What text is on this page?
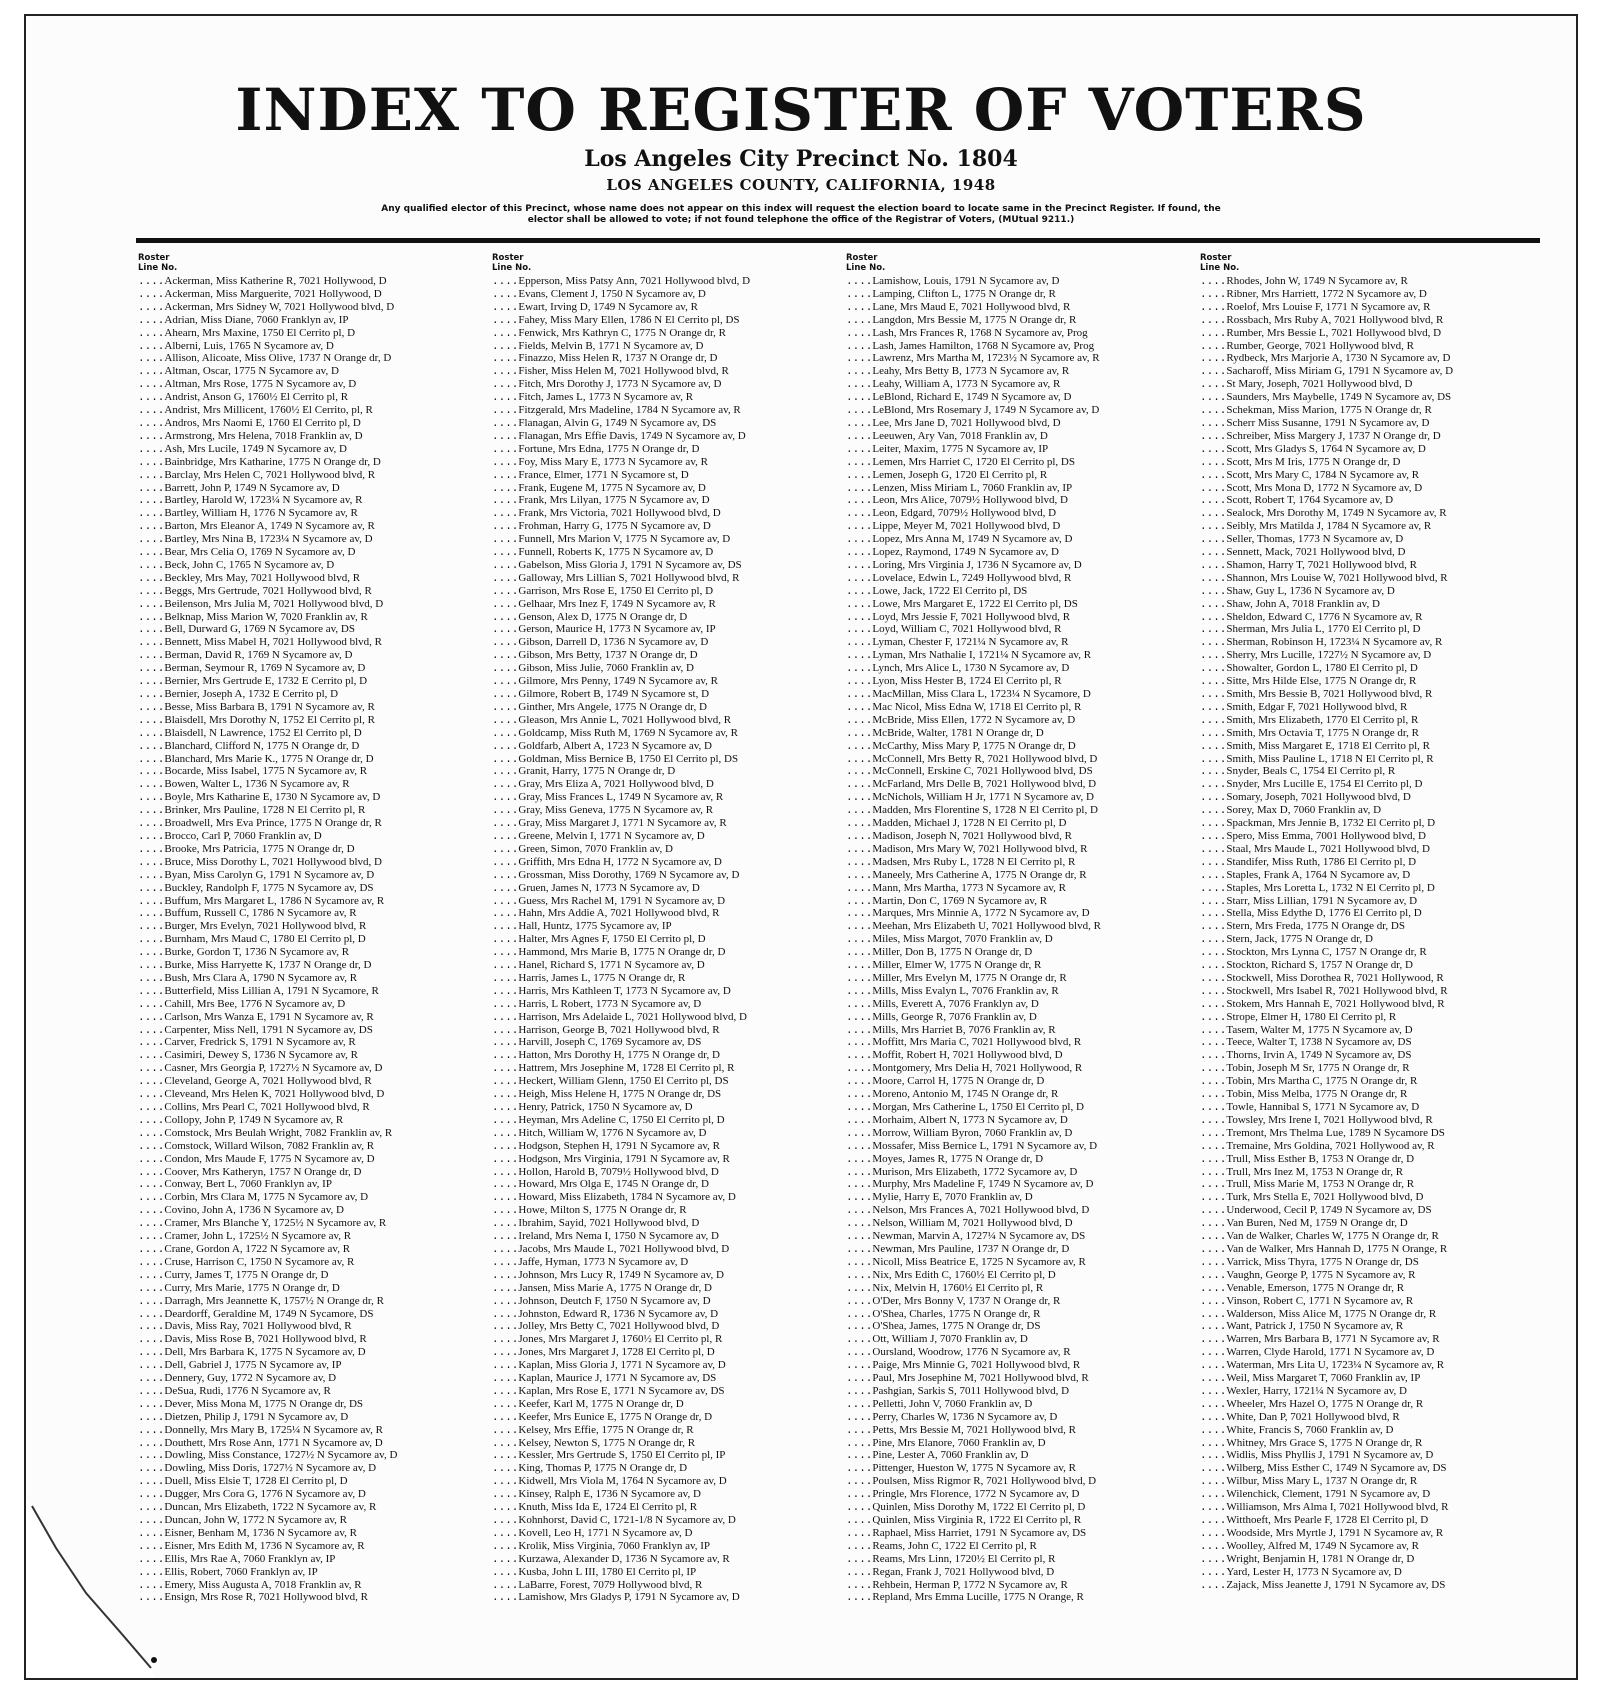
INDEX TO REGISTER OF VOTERS
Los Angeles City Precinct No. 1804
LOS ANGELES COUNTY, CALIFORNIA, 1948
Any qualified elector of this Precinct, whose name does not appear on this index will request the election board to locate same in the Precinct Register. If found, the elector shall be allowed to vote; if not found telephone the office of the Registrar of Voters, (MUtual 9211.)
Roster
Line No.
....Ackerman, Miss Katherine R, 7021 Hollywood, D
....Ackerman, Miss Marguerite, 7021 Hollywood, D
....Ackerman, Mrs Sidney W, 7021 Hollywood blvd, D
....Adrian, Miss Diane, 7060 Franklyn av, IP
....Ahearn, Mrs Maxine, 1750 El Cerrito pl, D
....Alberni, Luis, 1765 N Sycamore av, D
....Allison, Alicoate, Miss Olive, 1737 N Orange dr, D
....Altman, Oscar, 1775 N Sycamore av, D
....Altman, Mrs Rose, 1775 N Sycamore av, D
....Andrist, Anson G, 1760½ El Cerrito pl, R
....Andrist, Mrs Millicent, 1760½ El Cerrito, pl, R
....Andros, Mrs Naomi E, 1760 El Cerrito pl, D
....Armstrong, Mrs Helena, 7018 Franklin av, D
....Ash, Mrs Lucile, 1749 N Sycamore av, D
....Bainbridge, Mrs Katharine, 1775 N Orange dr, D
....Barclay, Mrs Helen C, 7021 Hollywood blvd, R
....Barrett, John P, 1749 N Sycamore av, D
....Bartley, Harold W, 1723¼ N Sycamore av, R
....Bartley, William H, 1776 N Sycamore av, R
....Barton, Mrs Eleanor A, 1749 N Sycamore av, R
....Bartley, Mrs Nina B, 1723¼ N Sycamore av, D
....Bear, Mrs Celia O, 1769 N Sycamore av, D
....Beck, John C, 1765 N Sycamore av, D
....Beckley, Mrs May, 7021 Hollywood blvd, R
....Beggs, Mrs Gertrude, 7021 Hollywood blvd, R
....Beilenson, Mrs Julia M, 7021 Hollywood blvd, D
....Belknap, Miss Marion W, 7020 Franklin av, R
....Bell, Durward G, 1769 N Sycamore av, DS
....Bennett, Miss Mabel H, 7021 Hollywood blvd, R
....Berman, David R, 1769 N Sycamore av, D
....Berman, Seymour R, 1769 N Sycamore av, D
....Bernier, Mrs Gertrude E, 1732 E Cerrito pl, D
....Bernier, Joseph A, 1732 E Cerrito pl, D
....Besse, Miss Barbara B, 1791 N Sycamore av, R
....Blaisdell, Mrs Dorothy N, 1752 El Cerrito pl, R
....Blaisdell, N Lawrence, 1752 El Cerrito pl, D
....Blanchard, Clifford N, 1775 N Orange dr, D
....Blanchard, Mrs Marie K., 1775 N Orange dr, D
....Bocarde, Miss Isabel, 1775 N Sycamore av, R
....Bowen, Walter L, 1736 N Sycamore av, R
....Boyle, Mrs Katharine E, 1730 N Sycamore av, D
....Brinker, Mrs Pauline, 1728 N El Cerrito pl, R
....Broadwell, Mrs Eva Prince, 1775 N Orange dr, R
....Brocco, Carl P, 7060 Franklin av, D
....Brooke, Mrs Patricia, 1775 N Orange dr, D
....Bruce, Miss Dorothy L, 7021 Hollywood blvd, D
....Byan, Miss Carolyn G, 1791 N Sycamore av, D
....Buckley, Randolph F, 1775 N Sycamore av, DS
....Buffum, Mrs Margaret L, 1786 N Sycamore av, R
....Buffum, Russell C, 1786 N Sycamore av, R
....Burger, Mrs Evelyn, 7021 Hollywood blvd, R
....Burnham, Mrs Maud C, 1780 El Cerrito pl, D
....Burke, Gordon T, 1736 N Sycamore av, R
....Burke, Miss Harryette K, 1737 N Orange dr, D
....Bush, Mrs Clara A, 1790 N Sycamore av, R
....Butterfield, Miss Lillian A, 1791 N Sycamore, R
....Cahill, Mrs Bee, 1776 N Sycamore av, D
....Carlson, Mrs Wanza E, 1791 N Sycamore av, R
....Carpenter, Miss Nell, 1791 N Sycamore av, DS
....Carver, Fredrick S, 1791 N Sycamore av, R
....Casimiri, Dewey S, 1736 N Sycamore av, R
....Casner, Mrs Georgia P, 1727½ N Sycamore av, D
....Cleveland, George A, 7021 Hollywood blvd, R
....Cleveand, Mrs Helen K, 7021 Hollywood blvd, D
....Collins, Mrs Pearl C, 7021 Hollywood blvd, R
....Collopy, John P, 1749 N Sycamore av, R
....Comstock, Mrs Beulah Wright, 7082 Franklin av, R
....Comstock, Willard Wilson, 7082 Franklin av, R
....Condon, Mrs Maude F, 1775 N Sycamore av, D
....Coover, Mrs Katheryn, 1757 N Orange dr, D
....Conway, Bert L, 7060 Franklyn av, IP
....Corbin, Mrs Clara M, 1775 N Sycamore av, D
....Covino, John A, 1736 N Sycamore av, D
....Cramer, Mrs Blanche Y, 1725½ N Sycamore av, R
....Cramer, John L, 1725½ N Sycamore av, R
....Crane, Gordon A, 1722 N Sycamore av, R
....Cruse, Harrison C, 1750 N Sycamore av, R
....Curry, James T, 1775 N Orange dr, D
....Curry, Mrs Marie, 1775 N Orange dr, D
....Darragh, Mrs Jeannette K, 1757½ N Orange dr, R
....Deardorff, Geraldine M, 1749 N Sycamore, DS
....Davis, Miss Ray, 7021 Hollywood blvd, R
....Davis, Miss Rose B, 7021 Hollywood blvd, R
....Dell, Mrs Barbara K, 1775 N Sycamore av, D
....Dell, Gabriel J, 1775 N Sycamore av, IP
....Dennery, Guy, 1772 N Sycamore av, D
....DeSua, Rudi, 1776 N Sycamore av, R
....Dever, Miss Mona M, 1775 N Orange dr, DS
....Dietzen, Philip J, 1791 N Sycamore av, D
....Donnelly, Mrs Mary B, 1725¼ N Sycamore av, R
....Douthett, Mrs Rose Ann, 1771 N Sycamore av, D
....Dowling, Miss Constance, 1727½ N Sycamore av, D
....Dowling, Miss Doris, 1727½ N Sycamore av, D
....Duell, Miss Elsie T, 1728 El Cerrito pl, D
....Dugger, Mrs Cora G, 1776 N Sycamore av, D
....Duncan, Mrs Elizabeth, 1722 N Sycamore av, R
....Duncan, John W, 1772 N Sycamore av, R
....Eisner, Benham M, 1736 N Sycamore av, R
....Eisner, Mrs Edith M, 1736 N Sycamore av, R
....Ellis, Mrs Rae A, 7060 Franklyn av, IP
....Ellis, Robert, 7060 Franklyn av, IP
....Emery, Miss Augusta A, 7018 Franklin av, R
....Ensign, Mrs Rose R, 7021 Hollywood blvd, R
Roster
Line No.
....Epperson, Miss Patsy Ann, 7021 Hollywood blvd, D
....Evans, Clement J, 1750 N Sycamore av, D
....Ewart, Irving D, 1749 N Sycamore av, R
....Fahey, Miss Mary Ellen, 1786 N El Cerrito pl, DS
....Fenwick, Mrs Kathryn C, 1775 N Orange dr, R
....Fields, Melvin B, 1771 N Sycamore av, D
....Finazzo, Miss Helen R, 1737 N Orange dr, D
....Fisher, Miss Helen M, 7021 Hollywood blvd, R
....Fitch, Mrs Dorothy J, 1773 N Sycamore av, D
....Fitch, James L, 1773 N Sycamore av, R
....Fitzgerald, Mrs Madeline, 1784 N Sycamore av, R
....Flanagan, Alvin G, 1749 N Sycamore av, DS
....Flanagan, Mrs Effie Davis, 1749 N Sycamore av, D
....Fortune, Mrs Edna, 1775 N Orange dr, D
....Foy, Miss Mary E, 1773 N Sycamore av, R
....France, Elmer, 1771 N Sycamore st, D
....Frank, Eugene M, 1775 N Sycamore av, D
....Frank, Mrs Lilyan, 1775 N Sycamore av, D
....Frank, Mrs Victoria, 7021 Hollywood blvd, D
....Frohman, Harry G, 1775 N Sycamore av, D
....Funnell, Mrs Marion V, 1775 N Sycamore av, D
....Funnell, Roberts K, 1775 N Sycamore av, D
....Gabelson, Miss Gloria J, 1791 N Sycamore av, DS
....Galloway, Mrs Lillian S, 7021 Hollywood blvd, R
....Garrison, Mrs Rose E, 1750 El Cerrito pl, D
....Gelhaar, Mrs Inez F, 1749 N Sycamore av, R
....Genson, Alex D, 1775 N Orange dr, D
....Gerson, Maurice H, 1773 N Sycamore av, IP
....Gibson, Darrell D, 1736 N Sycamore av, D
....Gibson, Mrs Betty, 1737 N Orange dr, D
....Gibson, Miss Julie, 7060 Franklin av, D
....Gilmore, Mrs Penny, 1749 N Sycamore av, R
....Gilmore, Robert B, 1749 N Sycamore st, D
....Ginther, Mrs Angele, 1775 N Orange dr, D
....Gleason, Mrs Annie L, 7021 Hollywood blvd, R
....Goldcamp, Miss Ruth M, 1769 N Sycamore av, R
....Goldfarb, Albert A, 1723 N Sycamore av, D
....Goldman, Miss Bernice B, 1750 El Cerrito pl, DS
....Granit, Harry, 1775 N Orange dr, D
....Gray, Mrs Eliza A, 7021 Hollywood blvd, D
....Gray, Miss Frances L, 1749 N Sycamore av, R
....Gray, Miss Geneva, 1775 N Sycamore av, R
....Gray, Miss Margaret J, 1771 N Sycamore av, R
....Greene, Melvin I, 1771 N Sycamore av, D
....Green, Simon, 7070 Franklin av, D
....Griffith, Mrs Edna H, 1772 N Sycamore av, D
....Grossman, Miss Dorothy, 1769 N Sycamore av, D
....Gruen, James N, 1773 N Sycamore av, D
....Guess, Mrs Rachel M, 1791 N Sycamore av, D
....Hahn, Mrs Addie A, 7021 Hollywood blvd, R
....Hall, Huntz, 1775 Sycamore av, IP
....Halter, Mrs Agnes F, 1750 El Cerrito pl, D
....Hammond, Mrs Marie B, 1775 N Orange dr, D
....Hanel, Richard S, 1771 N Sycamore av, D
....Harris, James L, 1775 N Orange dr, R
....Harris, Mrs Kathleen T, 1773 N Sycamore av, D
....Harris, L Robert, 1773 N Sycamore av, D
....Harrison, Mrs Adelaide L, 7021 Hollywood blvd, D
....Harrison, George B, 7021 Hollywood blvd, R
....Harvill, Joseph C, 1769 Sycamore av, DS
....Hatton, Mrs Dorothy H, 1775 N Orange dr, D
....Hattrem, Mrs Josephine M, 1728 El Cerrito pl, R
....Heckert, William Glenn, 1750 El Cerrito pl, DS
....Heigh, Miss Helene H, 1775 N Orange dr, DS
....Henry, Patrick, 1750 N Sycamore av, D
....Heyman, Mrs Adeline C, 1750 El Cerrito pl, D
....Hitch, William W, 1776 N Sycamore av, D
....Hodgson, Stephen H, 1791 N Sycamore av, R
....Hodgson, Mrs Virginia, 1791 N Sycamore av, R
....Hollon, Harold B, 7079½ Hollywood blvd, D
....Howard, Mrs Olga E, 1745 N Orange dr, D
....Howard, Miss Elizabeth, 1784 N Sycamore av, D
....Howe, Milton S, 1775 N Orange dr, R
....Ibrahim, Sayid, 7021 Hollywood blvd, D
....Ireland, Mrs Nema I, 1750 N Sycamore av, D
....Jacobs, Mrs Maude L, 7021 Hollywood blvd, D
....Jaffe, Hyman, 1773 N Sycamore av, D
....Johnson, Mrs Lucy R, 1749 N Sycamore av, D
....Jansen, Miss Marie A, 1775 N Orange dr, D
....Johnson, Deutch F, 1750 N Sycamore av, D
....Johnston, Edward R, 1736 N Sycamore av, D
....Jolley, Mrs Betty C, 7021 Hollywood blvd, D
....Jones, Mrs Margaret J, 1760½ El Cerrito pl, R
....Jones, Mrs Margaret J, 1728 El Cerrito pl, D
....Kaplan, Miss Gloria J, 1771 N Sycamore av, D
....Kaplan, Maurice J, 1771 N Sycamore av, DS
....Kaplan, Mrs Rose E, 1771 N Sycamore av, DS
....Keefer, Karl M, 1775 N Orange dr, D
....Keefer, Mrs Eunice E, 1775 N Orange dr, D
....Kelsey, Mrs Effie, 1775 N Orange dr, R
....Kelsey, Newton S, 1775 N Orange dr, R
....Kessler, Mrs Gertrude S, 1750 El Cerrito pl, IP
....King, Thomas P, 1775 N Orange dr, D
....Kidwell, Mrs Viola M, 1764 N Sycamore av, D
....Kinsey, Ralph E, 1736 N Sycamore av, D
....Knuth, Miss Ida E, 1724 El Cerrito pl, R
....Kohnhorst, David C, 1721-1/8 N Sycamore av, D
....Kovell, Leo H, 1771 N Sycamore av, D
....Krolik, Miss Virginia, 7060 Franklyn av, IP
....Kurzawa, Alexander D, 1736 N Sycamore av, R
....Kusba, John L III, 1780 El Cerrito pl, IP
....LaBarre, Forest, 7079 Hollywood blvd, R
....Lamishow, Mrs Gladys P, 1791 N Sycamore av, D
Roster
Line No.
....Lamishow, Louis, 1791 N Sycamore av, D
....Lamping, Clifton L, 1775 N Orange dr, R
....Lane, Mrs Maud E, 7021 Hollywood blvd, R
....Langdon, Mrs Bessie M, 1775 N Orange dr, R
....Lash, Mrs Frances R, 1768 N Sycamore av, Prog
....Lash, James Hamilton, 1768 N Sycamore av, Prog
....Lawrenz, Mrs Martha M, 1723½ N Sycamore av, R
....Leahy, Mrs Betty B, 1773 N Sycamore av, R
....Leahy, William A, 1773 N Sycamore av, R
....LeBlond, Richard E, 1749 N Sycamore av, D
....LeBlond, Mrs Rosemary J, 1749 N Sycamore av, D
....Lee, Mrs Jane D, 7021 Hollywood blvd, D
....Leeuwen, Ary Van, 7018 Franklin av, D
....Leiter, Maxim, 1775 N Sycamore av, IP
....Lemen, Mrs Harriet C, 1720 El Cerrito pl, DS
....Lemen, Joseph G, 1720 El Cerrito pl, R
....Lenzen, Miss Miriam L, 7060 Franklin av, IP
....Leon, Mrs Alice, 7079½ Hollywood blvd, D
....Leon, Edgard, 7079½ Hollywood blvd, D
....Lippe, Meyer M, 7021 Hollywood blvd, D
....Lopez, Mrs Anna M, 1749 N Sycamore av, D
....Lopez, Raymond, 1749 N Sycamore av, D
....Loring, Mrs Virginia J, 1736 N Sycamore av, D
....Lovelace, Edwin L, 7249 Hollywood blvd, R
....Lowe, Jack, 1722 El Cerrito pl, DS
....Lowe, Mrs Margaret E, 1722 El Cerrito pl, DS
....Loyd, Mrs Jessie F, 7021 Hollywood blvd, R
....Loyd, William C, 7021 Hollywood blvd, R
....Lyman, Chester F, 1721¼ N Sycamore av, R
....Lyman, Mrs Nathalie I, 1721¼ N Sycamore av, R
....Lynch, Mrs Alice L, 1730 N Sycamore av, D
....Lyon, Miss Hester B, 1724 El Cerrito pl, R
....MacMillan, Miss Clara L, 1723¼ N Sycamore, D
....Mac Nicol, Miss Edna W, 1718 El Cerrito pl, R
....McBride, Miss Ellen, 1772 N Sycamore av, D
....McBride, Walter, 1781 N Orange dr, D
....McCarthy, Miss Mary P, 1775 N Orange dr, D
....McConnell, Mrs Betty R, 7021 Hollywood blvd, D
....McConnell, Erskine C, 7021 Hollywood blvd, DS
....McFarland, Mrs Delle B, 7021 Hollywood blvd, D
....McNichols, William H Jr, 1771 N Sycamore av, D
....Madden, Mrs Florentine S, 1728 N El Cerrito pl, D
....Madden, Michael J, 1728 N El Cerrito pl, D
....Madison, Joseph N, 7021 Hollywood blvd, R
....Madison, Mrs Mary W, 7021 Hollywood blvd, R
....Madsen, Mrs Ruby L, 1728 N El Cerrito pl, R
....Maneely, Mrs Catherine A, 1775 N Orange dr, R
....Mann, Mrs Martha, 1773 N Sycamore av, R
....Martin, Don C, 1769 N Sycamore av, R
....Marques, Mrs Minnie A, 1772 N Sycamore av, D
....Meehan, Mrs Elizabeth U, 7021 Hollywood blvd, R
....Miles, Miss Margot, 7070 Franklin av, D
....Miller, Don B, 1775 N Orange dr, D
....Miller, Elmer W, 1775 N Orange dr, R
....Miller, Mrs Evelyn M, 1775 N Orange dr, R
....Mills, Miss Evalyn L, 7076 Franklin av, R
....Mills, Everett A, 7076 Franklyn av, D
....Mills, George R, 7076 Franklin av, D
....Mills, Mrs Harriet B, 7076 Franklin av, R
....Moffitt, Mrs Maria C, 7021 Hollywood blvd, R
....Moffit, Robert H, 7021 Hollywood blvd, D
....Montgomery, Mrs Delia H, 7021 Hollywood, R
....Moore, Carrol H, 1775 N Orange dr, D
....Moreno, Antonio M, 1745 N Orange dr, R
....Morgan, Mrs Catherine L, 1750 El Cerrito pl, D
....Morhaim, Albert N, 1773 N Sycamore av, D
....Morrow, William Byron, 7060 Franklin av, D
....Mossafer, Miss Bernice L, 1791 N Sycamore av, D
....Moyes, James R, 1775 N Orange dr, D
....Murison, Mrs Elizabeth, 1772 Sycamore av, D
....Murphy, Mrs Madeline F, 1749 N Sycamore av, D
....Mylie, Harry E, 7070 Franklin av, D
....Nelson, Mrs Frances A, 7021 Hollywood blvd, D
....Nelson, William M, 7021 Hollywood blvd, D
....Newman, Marvin A, 1727¼ N Sycamore av, DS
....Newman, Mrs Pauline, 1737 N Orange dr, D
....Nicoll, Miss Beatrice E, 1725 N Sycamore av, R
....Nix, Mrs Edith C, 1760½ El Cerrito pl, D
....Nix, Melvin H, 1760½ El Cerrito pl, R
....O'Der, Mrs Bonny V, 1737 N Orange dr, R
....O'Shea, Charles, 1775 N Orange dr, R
....O'Shea, James, 1775 N Orange dr, DS
....Ott, William J, 7070 Franklin av, D
....Oursland, Woodrow, 1776 N Sycamore av, R
....Paige, Mrs Minnie G, 7021 Hollywood blvd, R
....Paul, Mrs Josephine M, 7021 Hollywood blvd, R
....Pashgian, Sarkis S, 7011 Hollywood blvd, D
....Pelletti, John V, 7060 Franklin av, D
....Perry, Charles W, 1736 N Sycamore av, D
....Petts, Mrs Bessie M, 7021 Hollywood blvd, R
....Pine, Mrs Elanore, 7060 Franklin av, D
....Pine, Lester A, 7060 Franklin av, D
....Pittenger, Hueston W, 1775 N Sycamore av, R
....Poulsen, Miss Rigmor R, 7021 Hollywood blvd, D
....Pringle, Mrs Florence, 1772 N Sycamore av, D
....Quinlen, Miss Dorothy M, 1722 El Cerrito pl, D
....Quinlen, Miss Virginia R, 1722 El Cerrito pl, R
....Raphael, Miss Harriet, 1791 N Sycamore av, DS
....Reams, John C, 1722 El Cerrito pl, R
....Reams, Mrs Linn, 1720½ El Cerrito pl, R
....Regan, Frank J, 7021 Hollywood blvd, D
....Rehbein, Herman P, 1772 N Sycamore av, R
....Repland, Mrs Emma Lucille, 1775 N Orange, R
Roster
Line No.
....Rhodes, John W, 1749 N Sycamore av, R
....Ribner, Mrs Harriett, 1772 N Sycamore av, D
....Roelof, Mrs Louise F, 1771 N Sycamore av, R
....Rossbach, Mrs Ruby A, 7021 Hollywood blvd, R
....Rumber, Mrs Bessie L, 7021 Hollywood blvd, D
....Rumber, George, 7021 Hollywood blvd, R
....Rydbeck, Mrs Marjorie A, 1730 N Sycamore av, D
....Sacharoff, Miss Miriam G, 1791 N Sycamore av, D
....St Mary, Joseph, 7021 Hollywood blvd, D
....Saunders, Mrs Maybelle, 1749 N Sycamore av, DS
....Schekman, Miss Marion, 1775 N Orange dr, R
....Scherr Miss Susanne, 1791 N Sycamore av, D
....Schreiber, Miss Margery J, 1737 N Orange dr, D
....Scott, Mrs Gladys S, 1764 N Sycamore av, D
....Scott, Mrs M Iris, 1775 N Orange dr, D
....Scott, Mrs Mary C, 1784 N Sycamore av, R
....Scott, Mrs Mona D, 1772 N Sycamore av, D
....Scott, Robert T, 1764 Sycamore av, D
....Sealock, Mrs Dorothy M, 1749 N Sycamore av, R
....Seibly, Mrs Matilda J, 1784 N Sycamore av, R
....Seller, Thomas, 1773 N Sycamore av, D
....Sennett, Mack, 7021 Hollywood blvd, D
....Shamon, Harry T, 7021 Hollywood blvd, R
....Shannon, Mrs Louise W, 7021 Hollywood blvd, R
....Shaw, Guy L, 1736 N Sycamore av, D
....Shaw, John A, 7018 Franklin av, D
....Sheldon, Edward C, 1776 N Sycamore av, R
....Sherman, Mrs Julia L, 1770 El Cerrito pl, D
....Sherman, Robinson H, 1723¼ N Sycamore av, R
....Sherry, Mrs Lucille, 1727½ N Sycamore av, D
....Showalter, Gordon L, 1780 El Cerrito pl, D
....Sitte, Mrs Hilde Else, 1775 N Orange dr, R
....Smith, Mrs Bessie B, 7021 Hollywood blvd, R
....Smith, Edgar F, 7021 Hollywood blvd, R
....Smith, Mrs Elizabeth, 1770 El Cerrito pl, R
....Smith, Mrs Octavia T, 1775 N Orange dr, R
....Smith, Miss Margaret E, 1718 El Cerrito pl, R
....Smith, Miss Pauline L, 1718 N El Cerrito pl, R
....Snyder, Beals C, 1754 El Cerrito pl, R
....Snyder, Mrs Lucille E, 1754 El Cerrito pl, D
....Somary, Joseph, 7021 Hollywood blvd, D
....Sorey, Max D, 7060 Franklin av, D
....Spackman, Mrs Jennie B, 1732 El Cerrito pl, D
....Spero, Miss Emma, 7001 Hollywood blvd, D
....Staal, Mrs Maude L, 7021 Hollywood blvd, D
....Standifer, Miss Ruth, 1786 El Cerrito pl, D
....Staples, Frank A, 1764 N Sycamore av, D
....Staples, Mrs Loretta L, 1732 N El Cerrito pl, D
....Starr, Miss Lillian, 1791 N Sycamore av, D
....Stella, Miss Edythe D, 1776 El Cerrito pl, D
....Stern, Mrs Freda, 1775 N Orange dr, DS
....Stern, Jack, 1775 N Orange dr, D
....Stockton, Mrs Lynna C, 1757 N Orange dr, R
....Stockton, Richard S, 1757 N Orange dr, D
....Stockwell, Miss Dorothea R, 7021 Hollywood, R
....Stockwell, Mrs Isabel R, 7021 Hollywood blvd, R
....Stokem, Mrs Hannah E, 7021 Hollywood blvd, R
....Strope, Elmer H, 1780 El Cerrito pl, R
....Tasem, Walter M, 1775 N Sycamore av, D
....Teece, Walter T, 1738 N Sycamore av, DS
....Thorns, Irvin A, 1749 N Sycamore av, DS
....Tobin, Joseph M Sr, 1775 N Orange dr, R
....Tobin, Mrs Martha C, 1775 N Orange dr, R
....Tobin, Miss Melba, 1775 N Orange dr, R
....Towle, Hannibal S, 1771 N Sycamore av, D
....Towsley, Mrs Irene I, 7021 Hollywood blvd, R
....Tremont, Mrs Thelma Lue, 1789 N Sycamore DS
....Tremaine, Mrs Goldina, 7021 Hollywood av, R
....Trull, Miss Esther B, 1753 N Orange dr, D
....Trull, Mrs Inez M, 1753 N Orange dr, R
....Trull, Miss Marie M, 1753 N Orange dr, R
....Turk, Mrs Stella E, 7021 Hollywood blvd, D
....Underwood, Cecil P, 1749 N Sycamore av, DS
....Van Buren, Ned M, 1759 N Orange dr, D
....Van de Walker, Charles W, 1775 N Orange dr, R
....Van de Walker, Mrs Hannah D, 1775 N Orange, R
....Varrick, Miss Thyra, 1775 N Orange dr, DS
....Vaughn, George P, 1775 N Sycamore av, R
....Venable, Emerson, 1775 N Orange dr, R
....Vinson, Robert C, 1771 N Sycamore av, R
....Walderson, Miss Alice M, 1775 N Orange dr, R
....Want, Patrick J, 1750 N Sycamore av, R
....Warren, Mrs Barbara B, 1771 N Sycamore av, R
....Warren, Clyde Harold, 1771 N Sycamore av, D
....Waterman, Mrs Lita U, 1723¼ N Sycamore av, R
....Weil, Miss Margaret T, 7060 Franklin av, IP
....Wexler, Harry, 1721¼ N Sycamore av, D
....Wheeler, Mrs Hazel O, 1775 N Orange dr, R
....White, Dan P, 7021 Hollywood blvd, R
....White, Francis S, 7060 Franklin av, D
....Whitney, Mrs Grace S, 1775 N Orange dr, R
....Widlis, Miss Phyllis J, 1791 N Sycamore av, D
....Wilberg, Miss Esther C, 1749 N Sycamore av, DS
....Wilbur, Miss Mary L, 1737 N Orange dr, R
....Wilenchick, Clement, 1791 N Sycamore av, D
....Williamson, Mrs Alma I, 7021 Hollywood blvd, R
....Witthoeft, Mrs Pearle F, 1728 El Cerrito pl, D
....Woodside, Mrs Myrtle J, 1791 N Sycamore av, R
....Woolley, Alfred M, 1749 N Sycamore av, R
....Wright, Benjamin H, 1781 N Orange dr, D
....Yard, Lester H, 1773 N Sycamore av, D
....Zajack, Miss Jeanette J, 1791 N Sycamore av, DS
